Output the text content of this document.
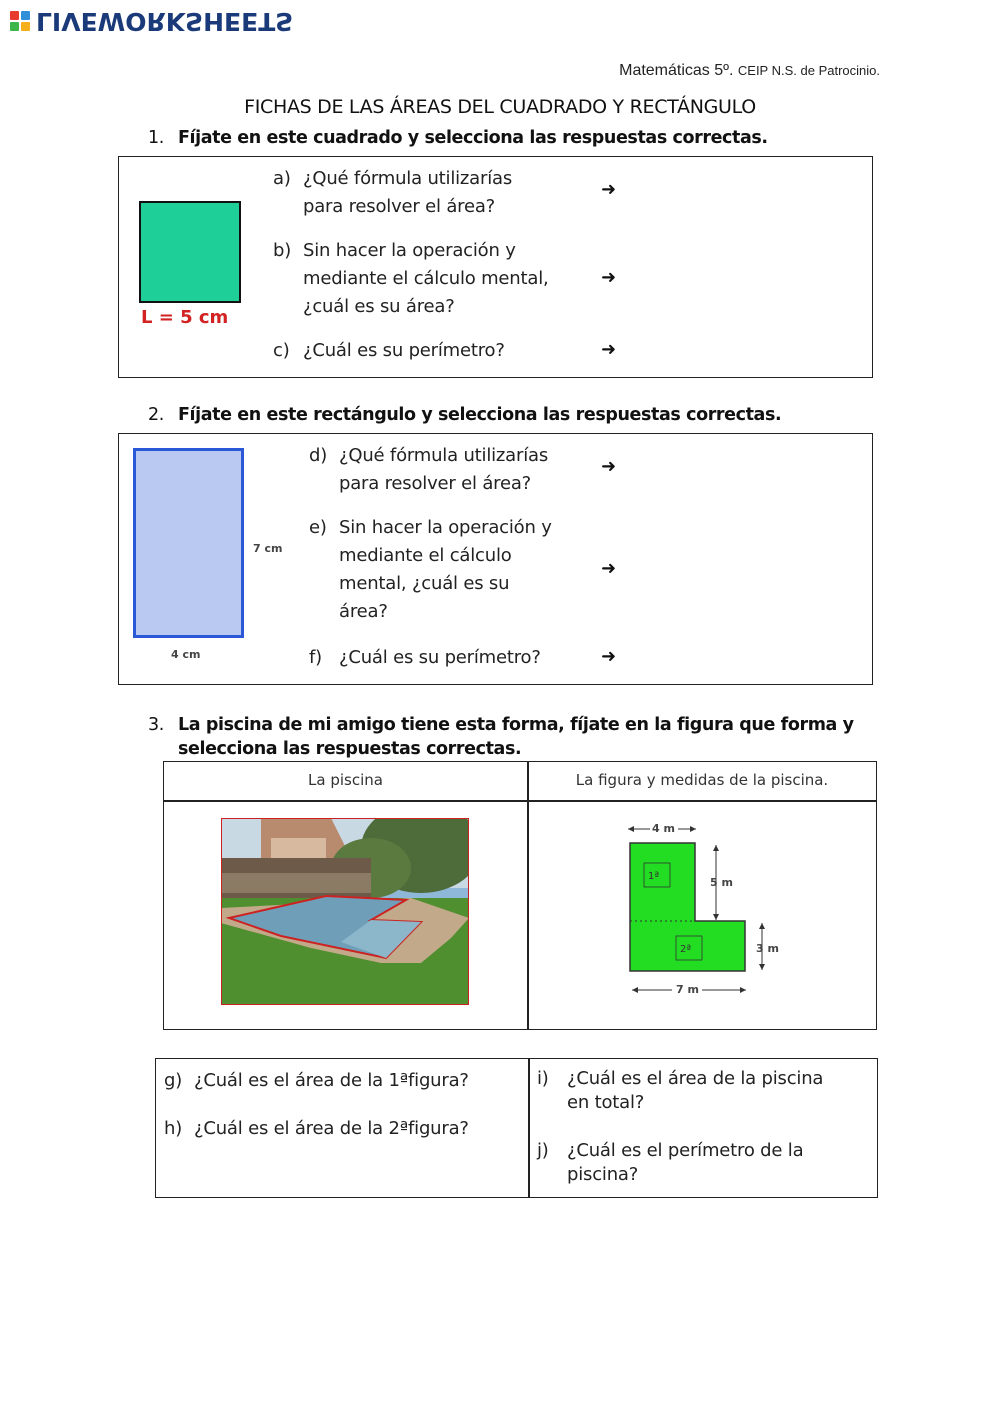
LIVEWORKSHEETS
Matemáticas 5º. CEIP N.S. de Patrocinio.
FICHAS DE LAS ÁREAS DEL CUADRADO Y RECTÁNGULO
1. Fíjate en este cuadrado y selecciona las respuestas correctas.
L = 5 cm
a) ¿Qué fórmula utilizarías
para resolver el área?
➜
b) Sin hacer la operación y
mediante el cálculo mental,
¿cuál es su área?
➜
c) ¿Cuál es su perímetro?	➜
2. Fíjate en este rectángulo y selecciona las respuestas correctas.
7 cm
4 cm
d) ¿Qué fórmula utilizarías
para resolver el área?
➜
e) Sin hacer la operación y
mediante el cálculo
mental, ¿cuál es su
área?
➜
f) ¿Cuál es su perímetro?	➜
3. La piscina de mi amigo tiene esta forma, fíjate en la figura que forma y
selecciona las respuestas correctas.
La piscina	La figura y medidas de la piscina.
4 m
5 m
3 m
7 m
1ª
2ª
g) ¿Cuál es el área de la 1ªfigura?
h) ¿Cuál es el área de la 2ªfigura?
i) ¿Cuál es el área de la piscina
en total?
j) ¿Cuál es el perímetro de la
piscina?
